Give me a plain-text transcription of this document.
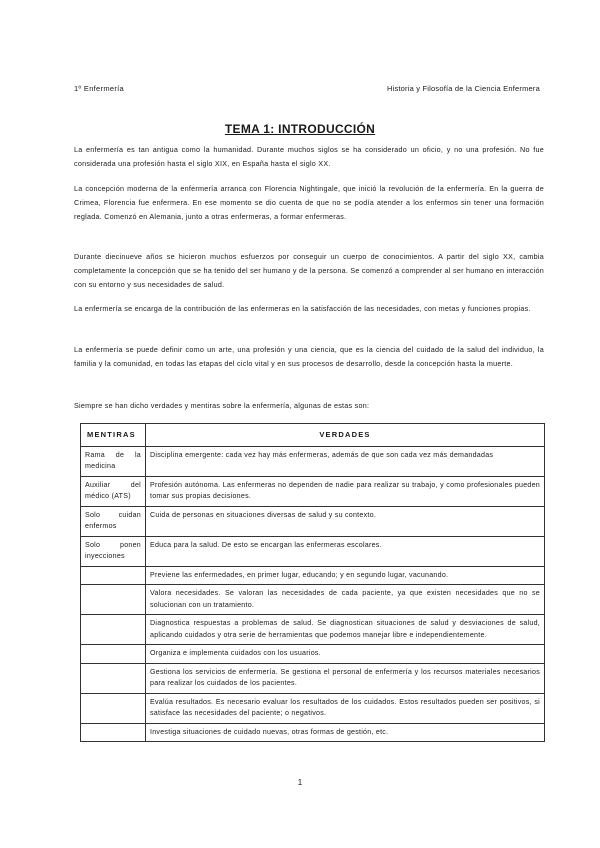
1º Enfermería	Historia y Filosofía de la Ciencia Enfermera
TEMA 1: INTRODUCCIÓN

La enfermería es tan antigua como la humanidad. Durante muchos siglos se ha considerado un oficio, y no una profesión. No fue considerada una profesión hasta el siglo XIX, en España hasta el siglo XX.

La concepción moderna de la enfermería arranca con Florencia Nightingale, que inició la revolución de la enfermería. En la guerra de Crimea, Florencia fue enfermera. En ese momento se dio cuenta de que no se podía atender a los enfermos sin tener una formación reglada. Comenzó en Alemania, junto a otras enfermeras, a formar enfermeras.

Durante diecinueve años se hicieron muchos esfuerzos por conseguir un cuerpo de conocimientos. A partir del siglo XX, cambia completamente la concepción que se ha tenido del ser humano y de la persona. Se comenzó a comprender al ser humano en interacción con su entorno y sus necesidades de salud.

La enfermería se encarga de la contribución de las enfermeras en la satisfacción de las necesidades, con metas y funciones propias.

La enfermería se puede definir como un arte, una profesión y una ciencia, que es la ciencia del cuidado de la salud del individuo, la familia y la comunidad, en todas las etapas del ciclo vital y en sus procesos de desarrollo, desde la concepción hasta la muerte.

Siempre se han dicho verdades y mentiras sobre la enfermería, algunas de estas son:

MENTIRAS	VERDADES
Rama de la medicina	Disciplina emergente: cada vez hay más enfermeras, además de que son cada vez más demandadas
Auxiliar del médico (ATS)	Profesión autónoma. Las enfermeras no dependen de nadie para realizar su trabajo, y como profesionales pueden tomar sus propias decisiones.
Solo cuidan enfermos	Cuida de personas en situaciones diversas de salud y su contexto.
Solo ponen inyecciones	Educa para la salud. De esto se encargan las enfermeras escolares.
	Previene las enfermedades, en primer lugar, educando; y en segundo lugar, vacunando.
	Valora necesidades. Se valoran las necesidades de cada paciente, ya que existen necesidades que no se solucionan con un tratamiento.
	Diagnostica respuestas a problemas de salud. Se diagnostican situaciones de salud y desviaciones de salud, aplicando cuidados y otra serie de herramientas que podemos manejar libre e independientemente.
	Organiza e implementa cuidados con los usuarios.
	Gestiona los servicios de enfermería. Se gestiona el personal de enfermería y los recursos materiales necesarios para realizar los cuidados de los pacientes.
	Evalúa resultados. Es necesario evaluar los resultados de los cuidados. Estos resultados pueden ser positivos, si satisface las necesidades del paciente; o negativos.
	Investiga situaciones de cuidado nuevas, otras formas de gestión, etc.
1
